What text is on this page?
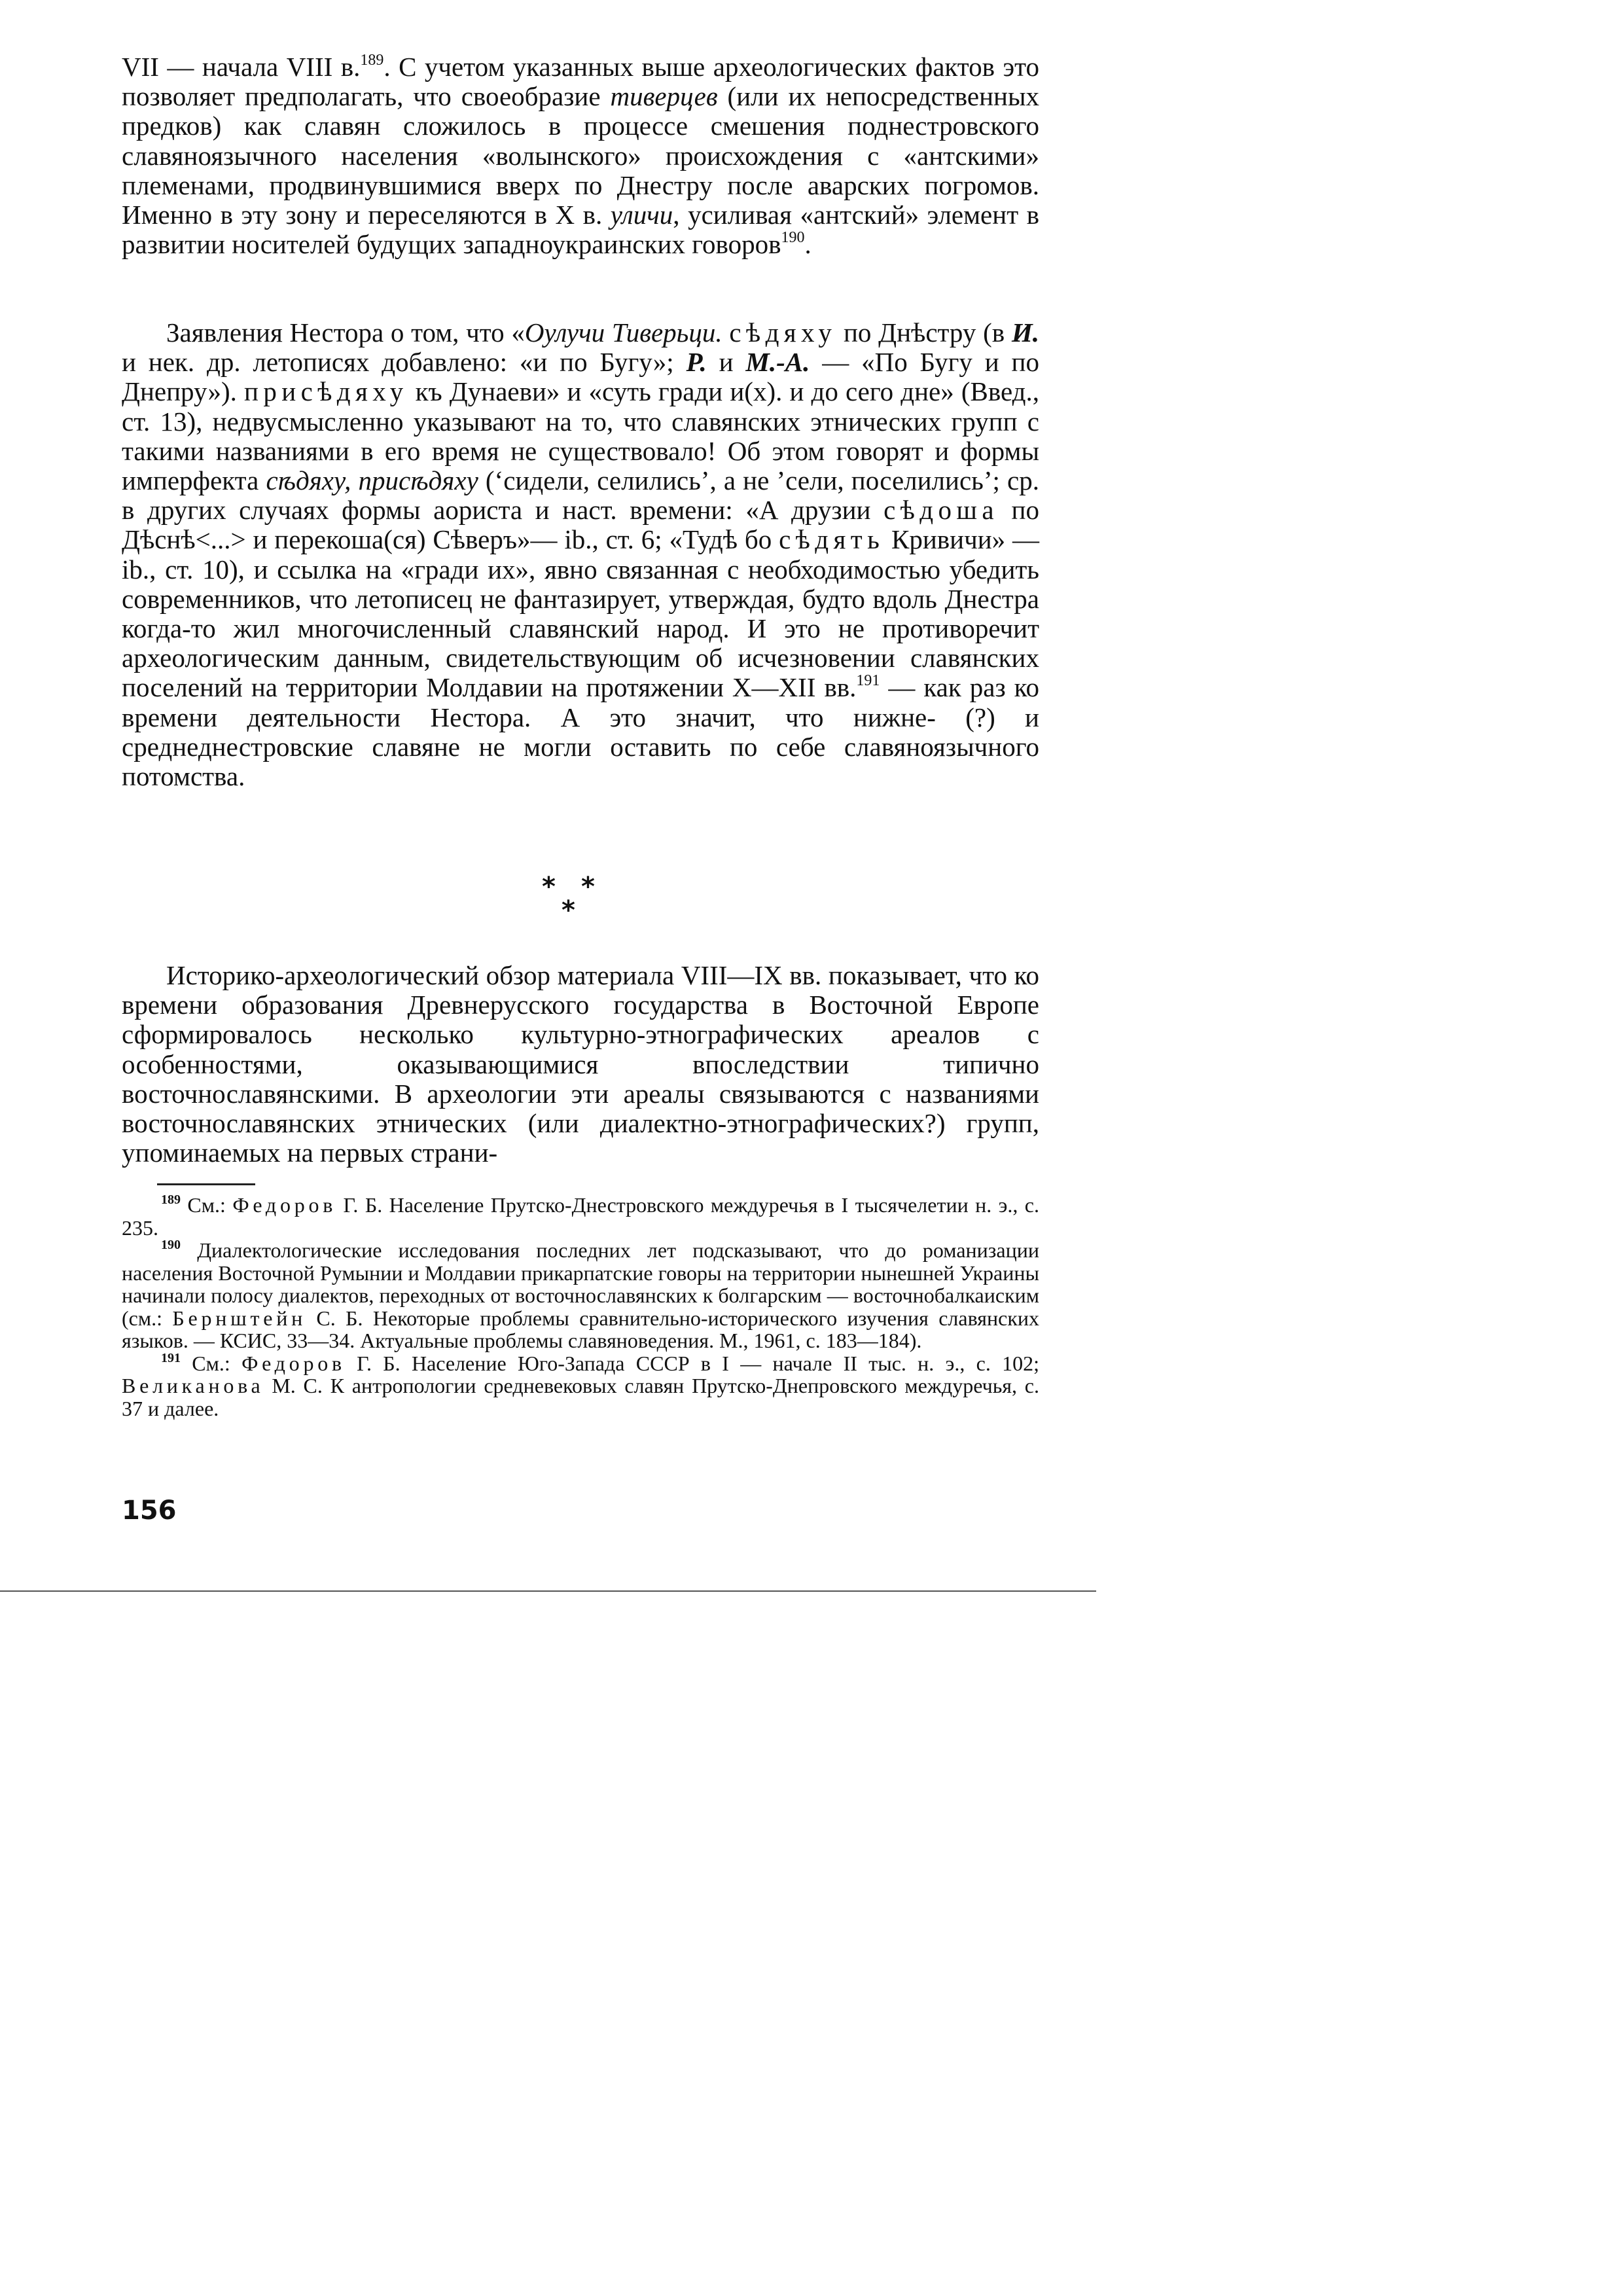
VII — начала VIII в.$^{189}$. С учетом указанных выше археологических фактов это позволяет предполагать, что своеобразие тиверцев (или их непосредственных предков) как славян сложилось в процессе смешения поднестровского славяноязычного населения «волынского» происхождения с «антскими» племенами, продвинувшимися вверх по Днестру после аварских погромов. Именно в эту зону и переселяются в Х в. уличи, усиливая «антский» элемент в развитии носителей будущих западноукраинских говоров$^{190}$.

Заявления Нестора о том, что «Оулучи Тиверьци. сѣдяху по Днѣстру (в И. и нек. др. летописях добавлено: «и по Бугу»; Р. и М.-А. — «По Бугу и по Днепру»). присѣдяху къ Дунаеви» и «суть гради и(х). и до сего дне» (Введ., ст. 13), недвусмысленно указывают на то, что славянских этнических групп с такими названиями в его время не существовало! Об этом говорят и формы имперфекта сѣдяху, присѣдяху (‘сидели, селились’, а не ’сели, поселились’; ср. в других случаях формы аориста и наст. времени: «А друзии сѣдоша по Дѣснѣ<...> и перекоша(ся) Сѣверъ»— ib., ст. 6; «Тудѣ бо сѣдять Кривичи» — ib., ст. 10), и ссылка на «гради их», явно связанная с необходимостью убедить современников, что летописец не фантазирует, утверждая, будто вдоль Днестра когда-то жил многочисленный славянский народ. И это не противоречит археологическим данным, свидетельствующим об исчезновении славянских поселений на территории Молдавии на протяжении X—XII вв.$^{191}$ — как раз ко времени деятельности Нестора. А это значит, что нижне- (?) и среднеднестровские славяне не могли оставить по себе славяноязычного потомства.

* *
*

Историко-археологический обзор материала VIII—IX вв. показывает, что ко времени образования Древнерусского государства в Восточной Европе сформировалось несколько культурно-этнографических ареалов с особенностями, оказывающимися впоследствии типично восточнославянскими. В археологии эти ареалы связываются с названиями восточнославянских этнических (или диалектно-этнографических?) групп, упоминаемых на первых страни-

$^{189}$ См.: Федоров Г. Б. Население Прутско-Днестровского междуречья в I тысячелетии н. э., с. 235.

$^{190}$ Диалектологические исследования последних лет подсказывают, что до романизации населения Восточной Румынии и Молдавии прикарпатские говоры на территории нынешней Украины начинали полосу диалектов, переходных от восточнославянских к болгарским — восточнобалкаиским (см.: Бернштейн С. Б. Некоторые проблемы сравнительно-исторического изучения славянских языков. — КСИС, 33—34. Актуальные проблемы славяноведения. М., 1961, с. 183—184).

$^{191}$ См.: Федоров Г. Б. Население Юго-Запада СССР в I — начале II тыс. н. э., с. 102; Великанова М. С. К антропологии средневековых славян Прутско-Днепровского междуречья, с. 37 и далее.

156
